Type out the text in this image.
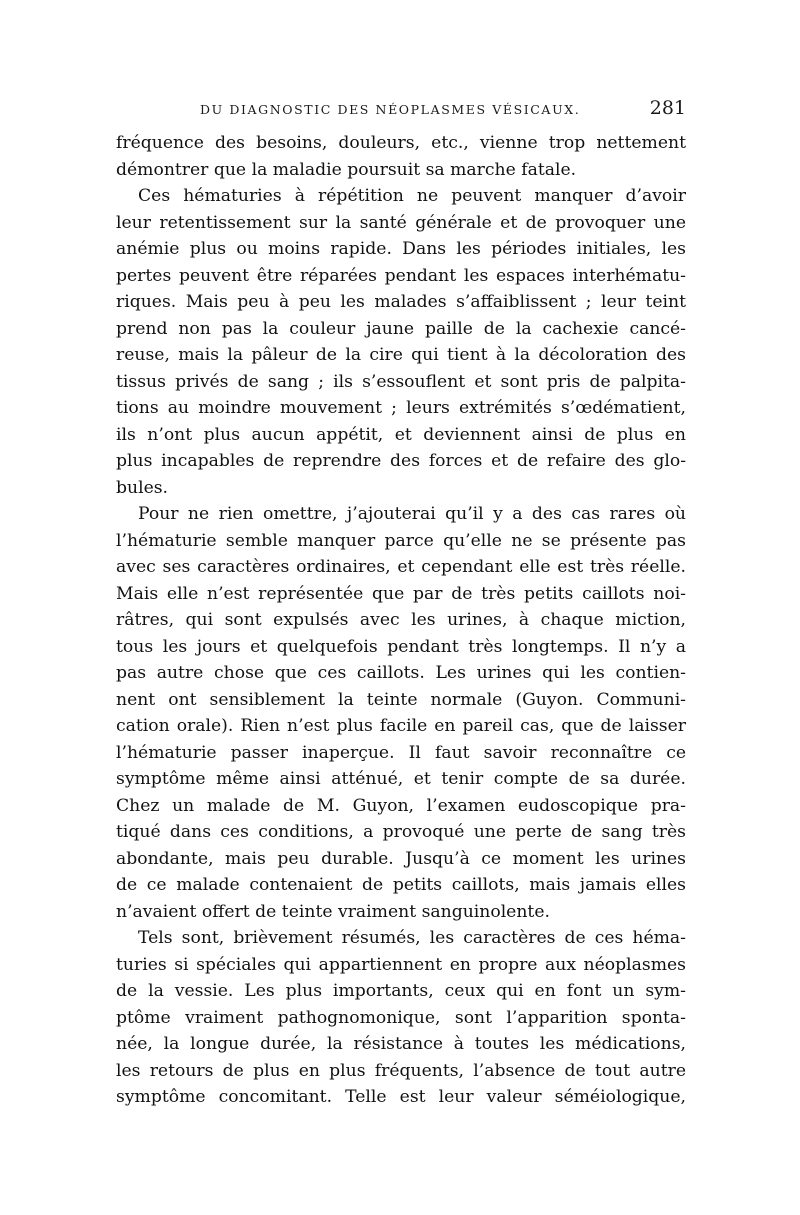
DU DIAGNOSTIC DES NÉOPLASMES VÉSICAUX.	281
fréquence des besoins, douleurs, etc., vienne trop nettement
démontrer que la maladie poursuit sa marche fatale.
Ces hématuries à répétition ne peuvent manquer d’avoir
leur retentissement sur la santé générale et de provoquer une
anémie plus ou moins rapide. Dans les périodes initiales, les
pertes peuvent être réparées pendant les espaces interhématu-
riques. Mais peu à peu les malades s’affaiblissent ; leur teint
prend non pas la couleur jaune paille de la cachexie cancé-
reuse, mais la pâleur de la cire qui tient à la décoloration des
tissus privés de sang ; ils s’essouflent et sont pris de palpita-
tions au moindre mouvement ; leurs extrémités s’œdématient,
ils n’ont plus aucun appétit, et deviennent ainsi de plus en
plus incapables de reprendre des forces et de refaire des glo-
bules.
Pour ne rien omettre, j’ajouterai qu’il y a des cas rares où
l’hématurie semble manquer parce qu’elle ne se présente pas
avec ses caractères ordinaires, et cependant elle est très réelle.
Mais elle n’est représentée que par de très petits caillots noi-
râtres, qui sont expulsés avec les urines, à chaque miction,
tous les jours et quelquefois pendant très longtemps. Il n’y a
pas autre chose que ces caillots. Les urines qui les contien-
nent ont sensiblement la teinte normale (Guyon. Communi-
cation orale). Rien n’est plus facile en pareil cas, que de laisser
l’hématurie passer inaperçue. Il faut savoir reconnaître ce
symptôme même ainsi atténué, et tenir compte de sa durée.
Chez un malade de M. Guyon, l’examen eudoscopique pra-
tiqué dans ces conditions, a provoqué une perte de sang très
abondante, mais peu durable. Jusqu’à ce moment les urines
de ce malade contenaient de petits caillots, mais jamais elles
n’avaient offert de teinte vraiment sanguinolente.
Tels sont, brièvement résumés, les caractères de ces héma-
turies si spéciales qui appartiennent en propre aux néoplasmes
de la vessie. Les plus importants, ceux qui en font un sym-
ptôme vraiment pathognomonique, sont l’apparition sponta-
née, la longue durée, la résistance à toutes les médications,
les retours de plus en plus fréquents, l’absence de tout autre
symptôme concomitant. Telle est leur valeur séméiologique,
